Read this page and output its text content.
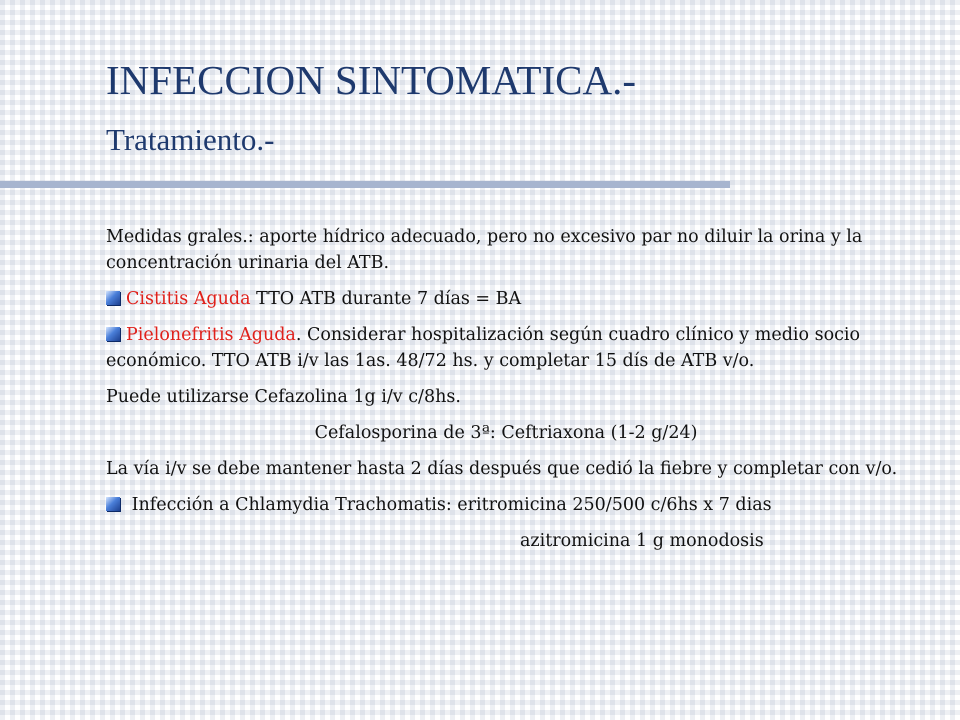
INFECCION SINTOMATICA.-
Tratamiento.-

Medidas grales.: aporte hídrico adecuado, pero no excesivo par no diluir la orina y la concentración urinaria del ATB.

Cistitis Aguda TTO ATB durante 7 días = BA

Pielonefritis Aguda. Considerar hospitalización según cuadro clínico y medio socio económico. TTO ATB i/v las 1as. 48/72 hs. y completar 15 dís de ATB v/o.

Puede utilizarse Cefazolina 1g i/v c/8hs.

Cefalosporina de 3ª: Ceftriaxona (1-2 g/24)

La vía i/v se debe mantener hasta 2 días después que cedió la fiebre y completar con v/o.

Infección a Chlamydia Trachomatis: eritromicina 250/500 c/6hs x 7 dias

azitromicina 1 g monodosis
